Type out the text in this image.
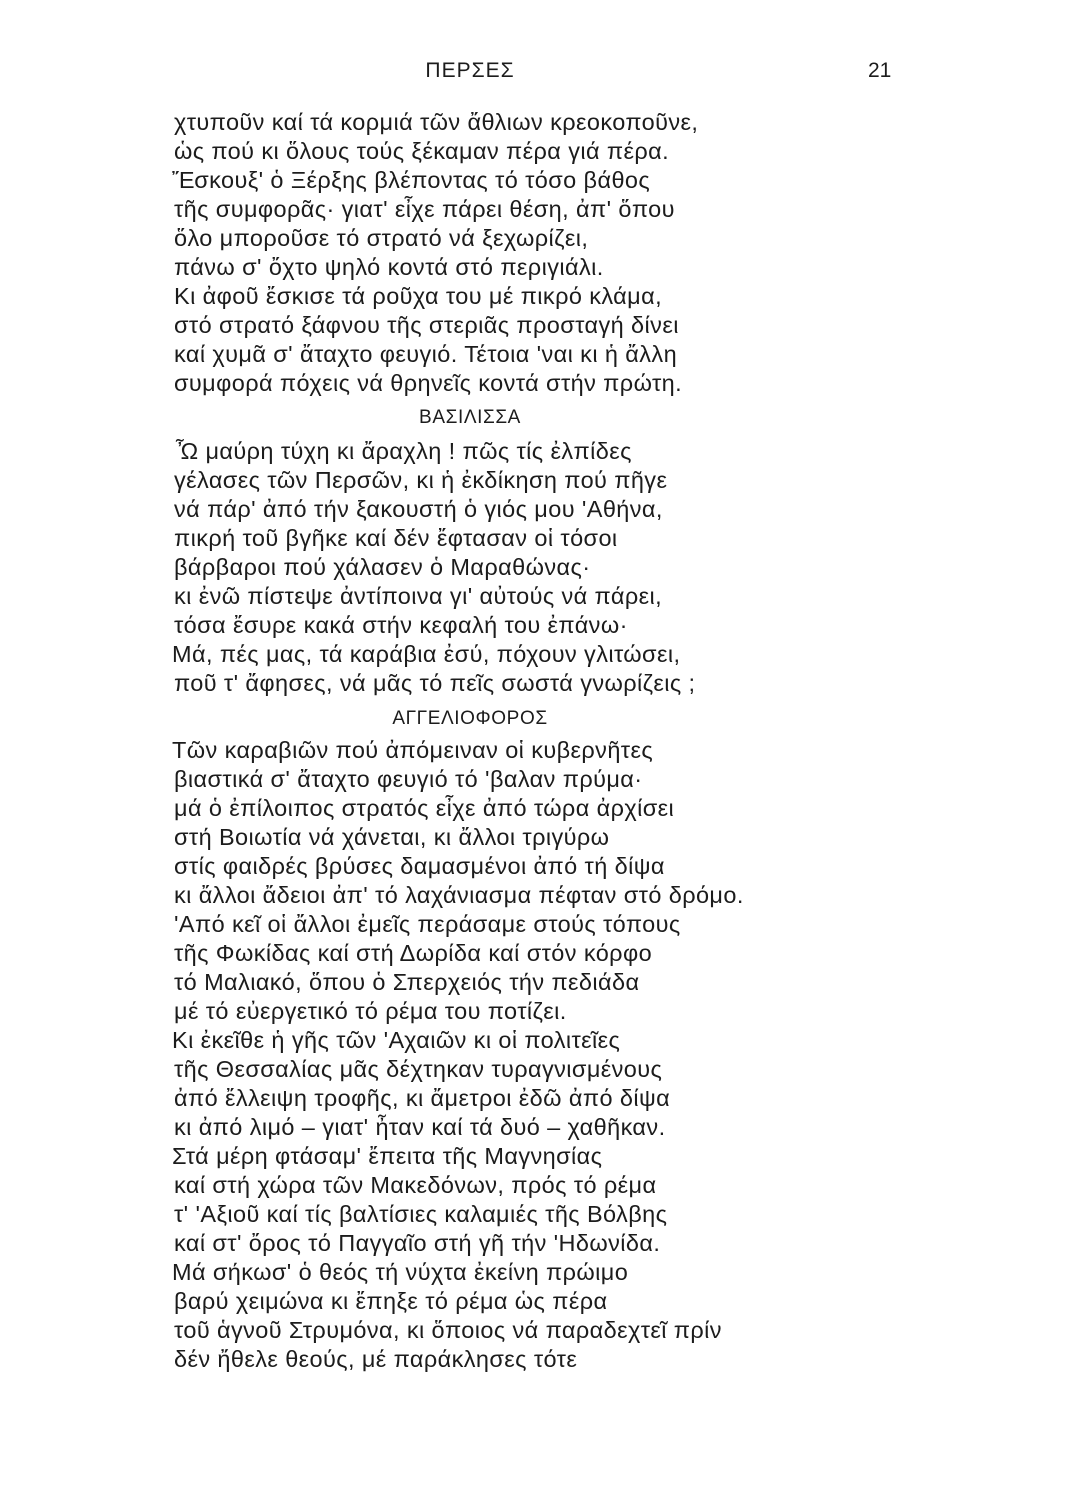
ΠΕΡΣΕΣ	21
χτυποῦν καί τά κορμιά τῶν ἄθλιων κρεοκοποῦνε,
ὡς πού κι ὅλους τούς ξέκαμαν πέρα γιά πέρα.
Ἔσκουξ' ὁ Ξέρξης βλέποντας τό τόσο βάθος
τῆς συμφορᾶς· γιατ' εἶχε πάρει θέση, ἀπ' ὅπου
ὅλο μποροῦσε τό στρατό νά ξεχωρίζει,
πάνω σ' ὄχτο ψηλό κοντά στό περιγιάλι.
Κι ἀφοῦ ἔσκισε τά ροῦχα του μέ πικρό κλάμα,
στό στρατό ξάφνου τῆς στεριᾶς προσταγή δίνει
καί χυμᾶ σ' ἄταχτο φευγιό. Τέτοια 'ναι κι ἡ ἄλλη
συμφορά πόχεις νά θρηνεῖς κοντά στήν πρώτη.
ΒΑΣΙΛΙΣΣΑ
Ὦ μαύρη τύχη κι ἄραχλη ! πῶς τίς ἐλπίδες
γέλασες τῶν Περσῶν, κι ἡ ἐκδίκηση πού πῆγε
νά πάρ' ἀπό τήν ξακουστή ὁ γιός μου 'Αθήνα,
πικρή τοῦ βγῆκε καί δέν ἔφτασαν οἱ τόσοι
βάρβαροι πού χάλασεν ὁ Μαραθώνας·
κι ἐνῶ πίστεψε ἀντίποινα γι' αὐτούς νά πάρει,
τόσα ἔσυρε κακά στήν κεφαλή του ἐπάνω·
Μά, πές μας, τά καράβια ἐσύ, πόχουν γλιτώσει,
ποῦ τ' ἄφησες, νά μᾶς τό πεῖς σωστά γνωρίζεις ;
ΑΓΓΕΛΙΟΦΟΡΟΣ
Τῶν καραβιῶν πού ἀπόμειναν οἱ κυβερνῆτες
βιαστικά σ' ἄταχτο φευγιό τό 'βαλαν πρύμα·
μά ὁ ἐπίλοιπος στρατός εἶχε ἀπό τώρα ἀρχίσει
στή Βοιωτία νά χάνεται, κι ἄλλοι τριγύρω
στίς φαιδρές βρύσες δαμασμένοι ἀπό τή δίψα
κι ἄλλοι ἄδειοι ἀπ' τό λαχάνιασμα πέφταν στό δρόμο.
'Από κεῖ οἱ ἄλλοι ἐμεῖς περάσαμε στούς τόπους
τῆς Φωκίδας καί στή Δωρίδα καί στόν κόρφο
τό Μαλιακό, ὅπου ὁ Σπερχειός τήν πεδιάδα
μέ τό εὐεργετικό τό ρέμα του ποτίζει.
Κι ἐκεῖθε ἡ γῆς τῶν 'Αχαιῶν κι οἱ πολιτεῖες
τῆς Θεσσαλίας μᾶς δέχτηκαν τυραγνισμένους
ἀπό ἔλλειψη τροφῆς, κι ἄμετροι ἐδῶ ἀπό δίψα
κι ἀπό λιμό – γιατ' ἦταν καί τά δυό – χαθῆκαν.
Στά μέρη φτάσαμ' ἔπειτα τῆς Μαγνησίας
καί στή χώρα τῶν Μακεδόνων, πρός τό ρέμα
τ' 'Αξιοῦ καί τίς βαλτίσιες καλαμιές τῆς Βόλβης
καί στ' ὄρος τό Παγγαῖο στή γῆ τήν 'Ηδωνίδα.
Μά σήκωσ' ὁ θεός τή νύχτα ἐκείνη πρώιμο
βαρύ χειμώνα κι ἔπηξε τό ρέμα ὡς πέρα
τοῦ ἁγνοῦ Στρυμόνα, κι ὅποιος νά παραδεχτεῖ πρίν
δέν ἤθελε θεούς, μέ παράκλησες τότε
